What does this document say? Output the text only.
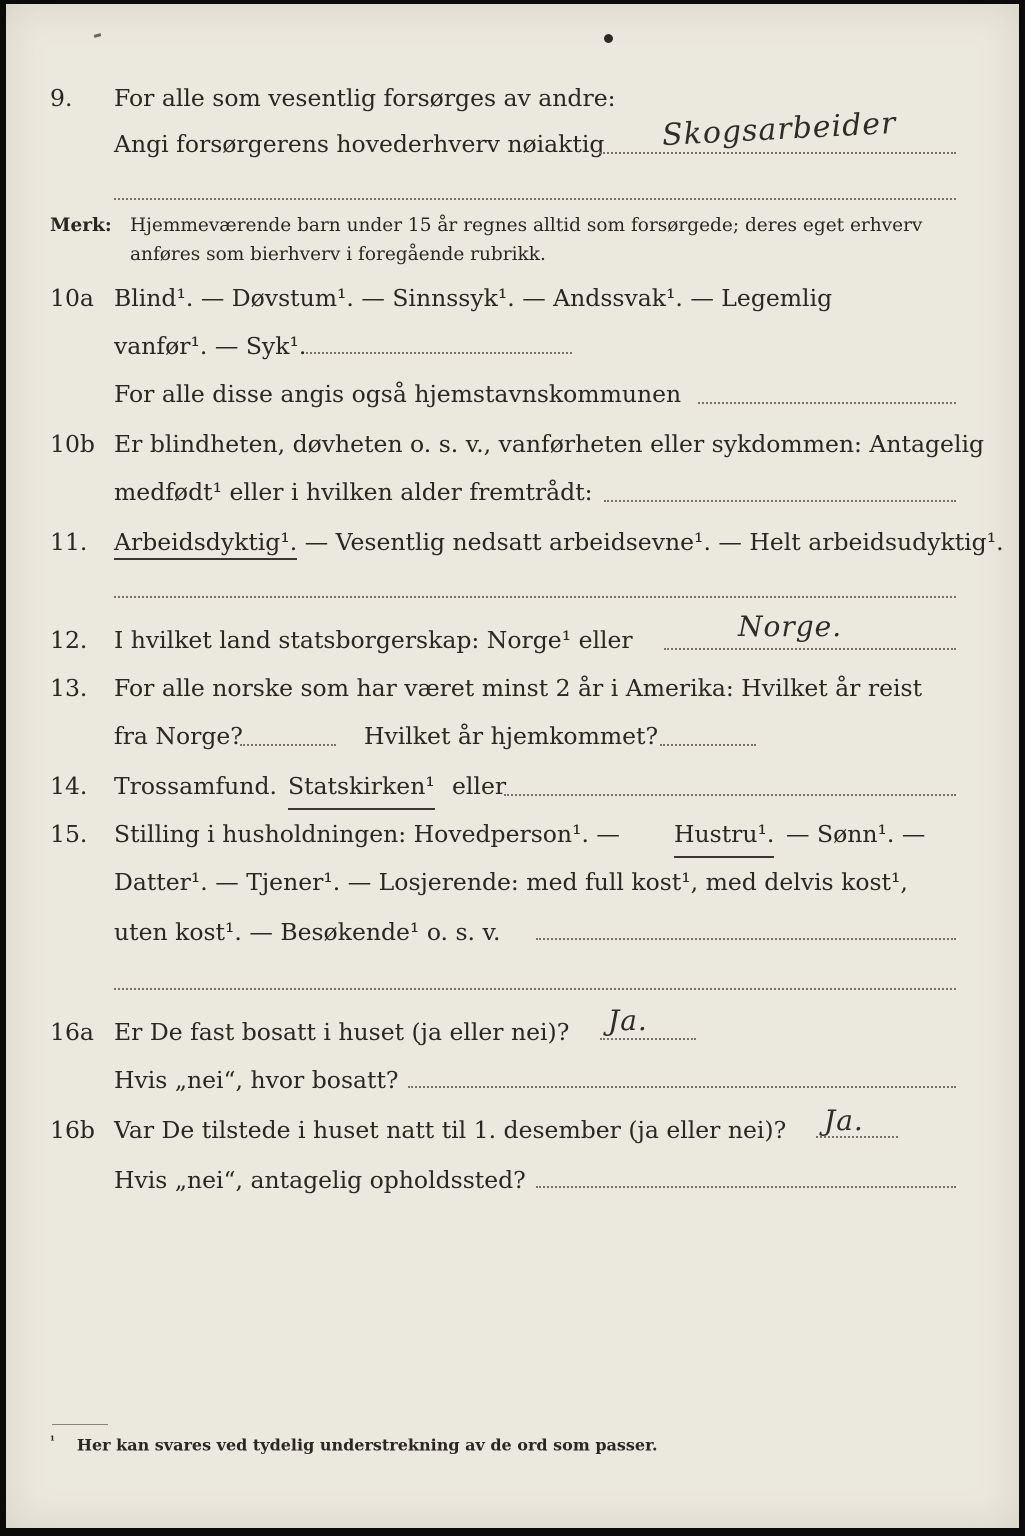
9. For alle som vesentlig forsørges av andre:
Angi forsørgerens hovederhverv nøiaktig Skogsarbeider
Merk: Hjemmeværende barn under 15 år regnes alltid som forsørgede; deres eget erhverv
anføres som bierhverv i foregående rubrikk.
10a Blind¹. — Døvstum¹. — Sinnssyk¹. — Andssvak¹. — Legemlig
vanfør¹. — Syk¹.
For alle disse angis også hjemstavnskommunen
10b Er blindheten, døvheten o. s. v., vanførheten eller sykdommen: Antagelig
medfødt¹ eller i hvilken alder fremtrådt:
11. Arbeidsdyktig¹. — Vesentlig nedsatt arbeidsevne¹. — Helt arbeidsudyktig¹.
12. I hvilket land statsborgerskap: Norge¹ eller	Norge.
13. For alle norske som har været minst 2 år i Amerika: Hvilket år reist
fra Norge?	Hvilket år hjemkommet?
14. Trossamfund. Statskirken¹ eller
15. Stilling i husholdningen: Hovedperson¹. — Hustru¹. — Sønn¹. —
Datter¹. — Tjener¹. — Losjerende: med full kost¹, med delvis kost¹,
uten kost¹. — Besøkende¹ o. s. v.
16a Er De fast bosatt i huset (ja eller nei)? Ja.
Hvis „nei“, hvor bosatt?
16b Var De tilstede i huset natt til 1. desember (ja eller nei)? Ja.
Hvis „nei“, antagelig opholdssted?
$^{^1}$ Her kan svares ved tydelig understrekning av de ord som passer.
